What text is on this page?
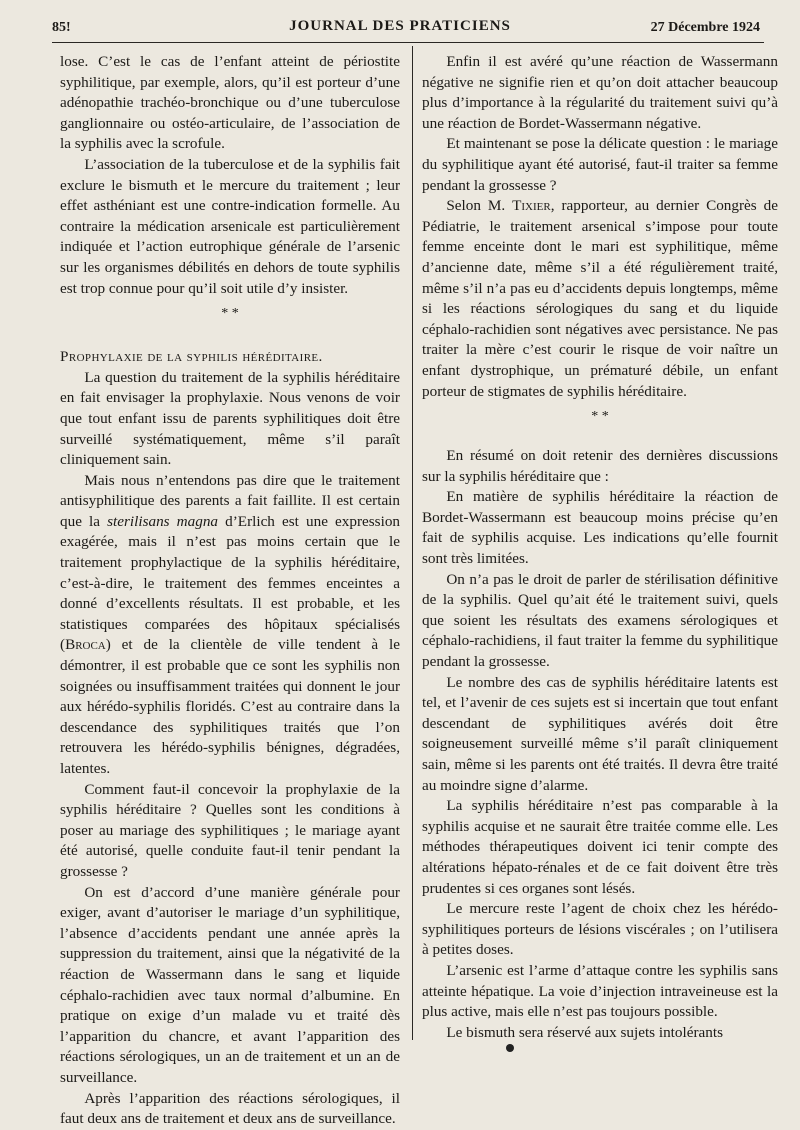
85!	JOURNAL DES PRATICIENS	27 Décembre 1924

lose. C’est le cas de l’enfant atteint de périostite syphilitique, par exemple, alors, qu’il est porteur d’une adénopathie trachéo-bronchique ou d’une tuberculose ganglionnaire ou ostéo-articulaire, de l’association de la syphilis avec la scrofule.

L’association de la tuberculose et de la syphilis fait exclure le bismuth et le mercure du traitement ; leur effet asthéniant est une contre-indication formelle. Au contraire la médication arsenicale est particulièrement indiquée et l’action eutrophique générale de l’arsenic sur les organismes débilités en dehors de toute syphilis est trop connue pour qu’il soit utile d’y insister.

* *

Prophylaxie de la syphilis héréditaire.

La question du traitement de la syphilis héréditaire en fait envisager la prophylaxie. Nous venons de voir que tout enfant issu de parents syphilitiques doit être surveillé systématiquement, même s’il paraît cliniquement sain.

Mais nous n’entendons pas dire que le traitement antisyphilitique des parents a fait faillite. Il est certain que la sterilisans magna d’Erlich est une expression exagérée, mais il n’est pas moins certain que le traitement prophylactique de la syphilis héréditaire, c’est-à-dire, le traitement des femmes enceintes a donné d’excellents résultats. Il est probable, et les statistiques comparées des hôpitaux spécialisés (Broca) et de la clientèle de ville tendent à le démontrer, il est probable que ce sont les syphilis non soignées ou insuffisamment traitées qui donnent le jour aux hérédo-syphilis floridés. C’est au contraire dans la descendance des syphilitiques traités que l’on retrouvera les hérédo-syphilis bénignes, dégradées, latentes.

Comment faut-il concevoir la prophylaxie de la syphilis héréditaire ? Quelles sont les conditions à poser au mariage des syphilitiques ; le mariage ayant été autorisé, quelle conduite faut-il tenir pendant la grossesse ?

On est d’accord d’une manière générale pour exiger, avant d’autoriser le mariage d’un syphilitique, l’absence d’accidents pendant une année après la suppression du traitement, ainsi que la négativité de la réaction de Wassermann dans le sang et liquide céphalo-rachidien avec taux normal d’albumine. En pratique on exige d’un malade vu et traité dès l’apparition du chancre, et avant l’apparition des réactions sérologiques, un an de traitement et un an de surveillance.

Après l’apparition des réactions sérologiques, il faut deux ans de traitement et deux ans de surveillance.

Enfin il est avéré qu’une réaction de Wassermann négative ne signifie rien et qu’on doit attacher beaucoup plus d’importance à la régularité du traitement suivi qu’à une réaction de Bordet-Wassermann négative.

Et maintenant se pose la délicate question : le mariage du syphilitique ayant été autorisé, faut-il traiter sa femme pendant la grossesse ?

Selon M. Tixier, rapporteur, au dernier Congrès de Pédiatrie, le traitement arsenical s’impose pour toute femme enceinte dont le mari est syphilitique, même d’ancienne date, même s’il a été régulièrement traité, même s’il n’a pas eu d’accidents depuis longtemps, même si les réactions sérologiques du sang et du liquide céphalo-rachidien sont négatives avec persistance. Ne pas traiter la mère c’est courir le risque de voir naître un enfant dystrophique, un prématuré débile, un enfant porteur de stigmates de syphilis héréditaire.

* *

En résumé on doit retenir des dernières discussions sur la syphilis héréditaire que :

En matière de syphilis héréditaire la réaction de Bordet-Wassermann est beaucoup moins précise qu’en fait de syphilis acquise. Les indications qu’elle fournit sont très limitées.

On n’a pas le droit de parler de stérilisation définitive de la syphilis. Quel qu’ait été le traitement suivi, quels que soient les résultats des examens sérologiques et céphalo-rachidiens, il faut traiter la femme du syphilitique pendant la grossesse.

Le nombre des cas de syphilis héréditaire latents est tel, et l’avenir de ces sujets est si incertain que tout enfant descendant de syphilitiques avérés doit être soigneusement surveillé même s’il paraît cliniquement sain, même si les parents ont été traités. Il devra être traité au moindre signe d’alarme.

La syphilis héréditaire n’est pas comparable à la syphilis acquise et ne saurait être traitée comme elle. Les méthodes thérapeutiques doivent ici tenir compte des altérations hépato-rénales et de ce fait doivent être très prudentes si ces organes sont lésés.

Le mercure reste l’agent de choix chez les hérédo-syphilitiques porteurs de lésions viscérales ; on l’utilisera à petites doses.

L’arsenic est l’arme d’attaque contre les syphilis sans atteinte hépatique. La voie d’injection intraveineuse est la plus active, mais elle n’est pas toujours possible.

Le bismuth sera réservé aux sujets intolérants
